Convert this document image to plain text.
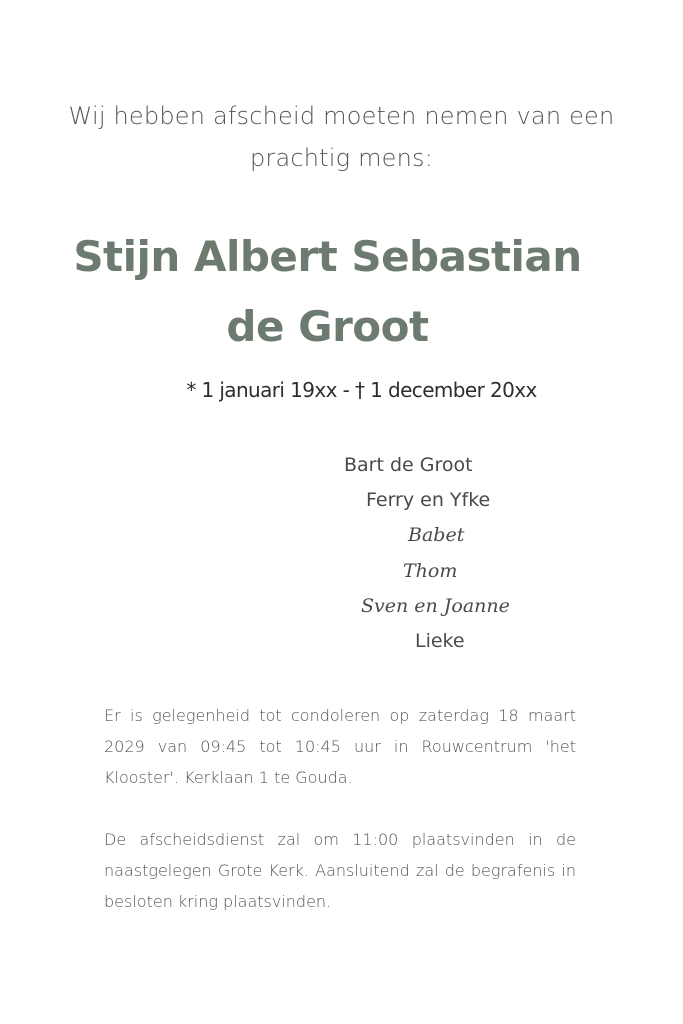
Wij hebben afscheid moeten nemen van een
prachtig mens:
Stijn Albert Sebastian
de Groot
* 1 januari 19xx - † 1 december 20xx
Bart de Groot
Ferry en Yfke
Babet
Thom
Sven en Joanne
Lieke

Er is gelegenheid tot condoleren op zaterdag 18 maart 2029 van 09:45 tot 10:45 uur in Rouwcentrum 'het Klooster'. Kerklaan 1 te Gouda.

De afscheidsdienst zal om 11:00 plaatsvinden in de naastgelegen Grote Kerk. Aansluitend zal de begrafenis in besloten kring plaatsvinden.
